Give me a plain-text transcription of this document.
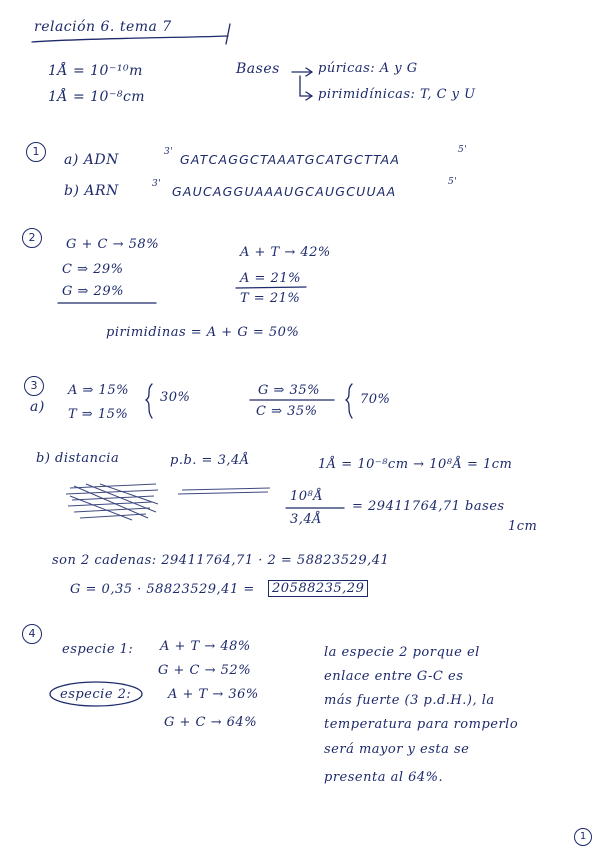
relación 6. tema 7
1Å = 10⁻¹⁰m
1Å = 10⁻⁸cm
Bases	púricas: A y G
pirimidínicas: T, C y U
1
a) ADN	3' GATCAGGCTAAATGCATGCTTAA
5'
b) ARN	3' GAUCAGGUAAAUGCAUGCUUAA
5'
2	G + C → 58%
C ⇒ 29%
G ⇒ 29%
A + T → 42%
A = 21%
T = 21%
pirimidinas = A + G = 50%
3
a)
A ⇒ 15%
T ⇒ 15%
30%	G ⇒ 35%
C ⇒ 35%
70%
b) distancia	p.b. = 3,4Å	1Å = 10⁻⁸cm → 10⁸Å = 1cm
10⁸Å
3,4Å
= 29411764,71 bases
1cm
son 2 cadenas: 29411764,71 · 2 = 58823529,41
G = 0,35 · 58823529,41 =	20588235,29
4
especie 1: A + T → 48%
G + C → 52%
especie 2:	A + T → 36%
G + C → 64%
la especie 2 porque el
enlace entre G-C es
más fuerte (3 p.d.H.), la
temperatura para romperlo
será mayor y esta se
presenta al 64%.
1
